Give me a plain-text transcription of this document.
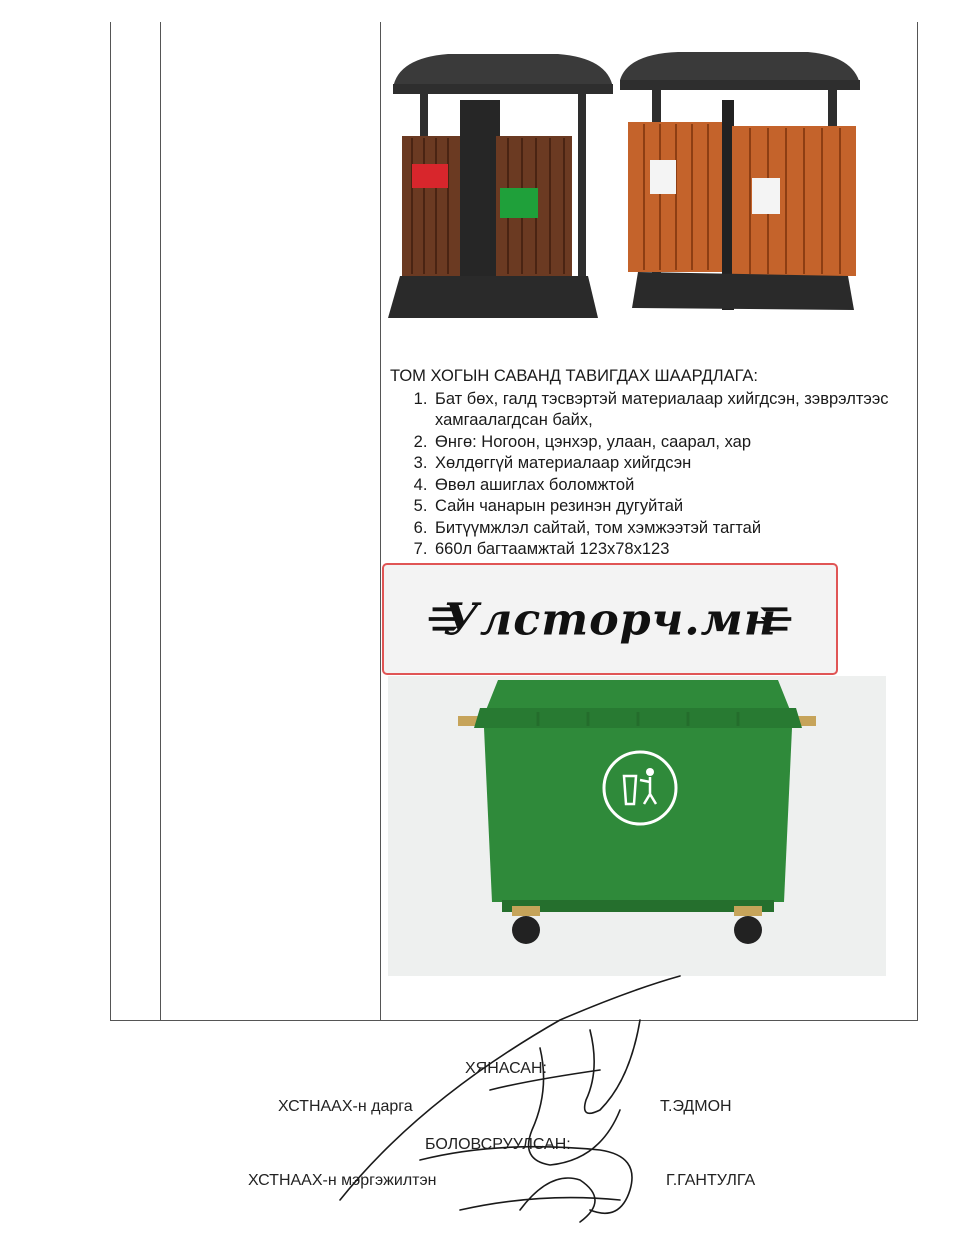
ТОМ ХОГЫН САВАНД ТАВИГДАХ ШААРДЛАГА:
1. Бат бөх, галд тэсвэртэй материалаар хийгдсэн, зэврэлтээс хамгаалагдсан байх,
2. Өнгө: Ногоон, цэнхэр, улаан, саарал, хар
3. Хөлдөггүй материалаар хийгдсэн
4. Өвөл ашиглах боломжтой
5. Сайн чанарын резинэн дугуйтай
6. Битүүмжлэл сайтай, том хэмжээтэй тагтай
7. 660л багтаамжтай 123х78х123
Улсторч.мн
ХЯНАСАН:
ХСТНААХ-н дарга	Т.ЭДМОН
БОЛОВСРУУЛСАН:
ХСТНААХ-н мэргэжилтэн	Г.ГАНТУЛГА
